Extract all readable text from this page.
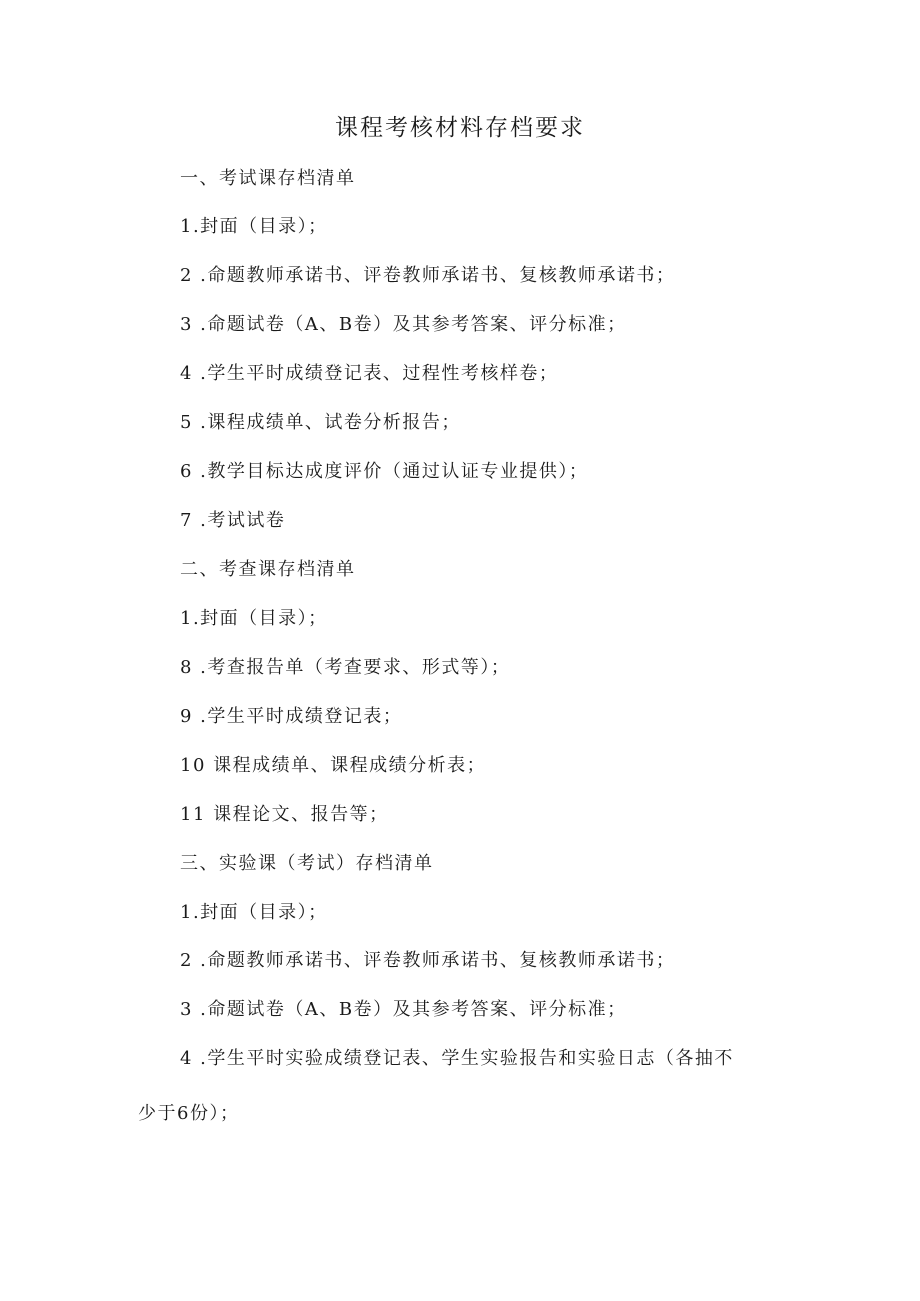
课程考核材料存档要求
一、考试课存档清单
1.封面（目录）；
2 .命题教师承诺书、评卷教师承诺书、复核教师承诺书；
3 .命题试卷（A、B卷）及其参考答案、评分标准；
4 .学生平时成绩登记表、过程性考核样卷；
5 .课程成绩单、试卷分析报告；
6 .教学目标达成度评价（通过认证专业提供）；
7 .考试试卷
二、考查课存档清单
1.封面（目录）；
8 .考查报告单（考查要求、形式等）；
9 .学生平时成绩登记表；
10 课程成绩单、课程成绩分析表；
11 课程论文、报告等；
三、实验课（考试）存档清单
1.封面（目录）；
2 .命题教师承诺书、评卷教师承诺书、复核教师承诺书；
3 .命题试卷（A、B卷）及其参考答案、评分标准；
4 .学生平时实验成绩登记表、学生实验报告和实验日志（各抽不
少于6份）；
